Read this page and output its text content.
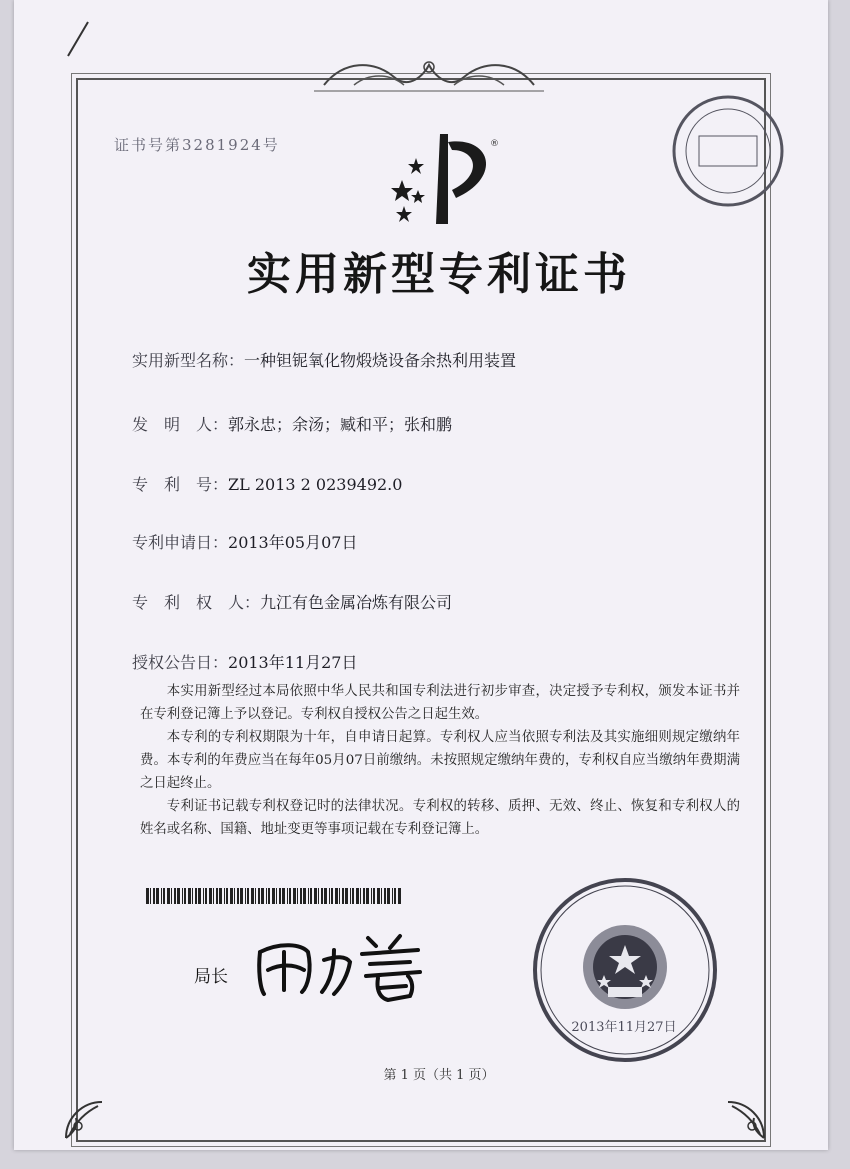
证书号第3281924号	®
实用新型专利证书
实用新型名称：一种钽铌氧化物煅烧设备余热利用装置
发　明　人：郭永忠；余汤；臧和平；张和鹏
专　利　号：ZL 2013 2 0239492.0
专利申请日：2013年05月07日
专　利　权　人：九江有色金属冶炼有限公司
授权公告日：2013年11月27日

本实用新型经过本局依照中华人民共和国专利法进行初步审查，决定授予专利权，颁发本证书并在专利登记簿上予以登记。专利权自授权公告之日起生效。

本专利的专利权期限为十年，自申请日起算。专利权人应当依照专利法及其实施细则规定缴纳年费。本专利的年费应当在每年05月07日前缴纳。未按照规定缴纳年费的，专利权自应当缴纳年费期满之日起终止。

专利证书记载专利权登记时的法律状况。专利权的转移、质押、无效、终止、恢复和专利权人的姓名或名称、国籍、地址变更等事项记载在专利登记簿上。

2013年11月27日
局长
第 1 页（共 1 页）
